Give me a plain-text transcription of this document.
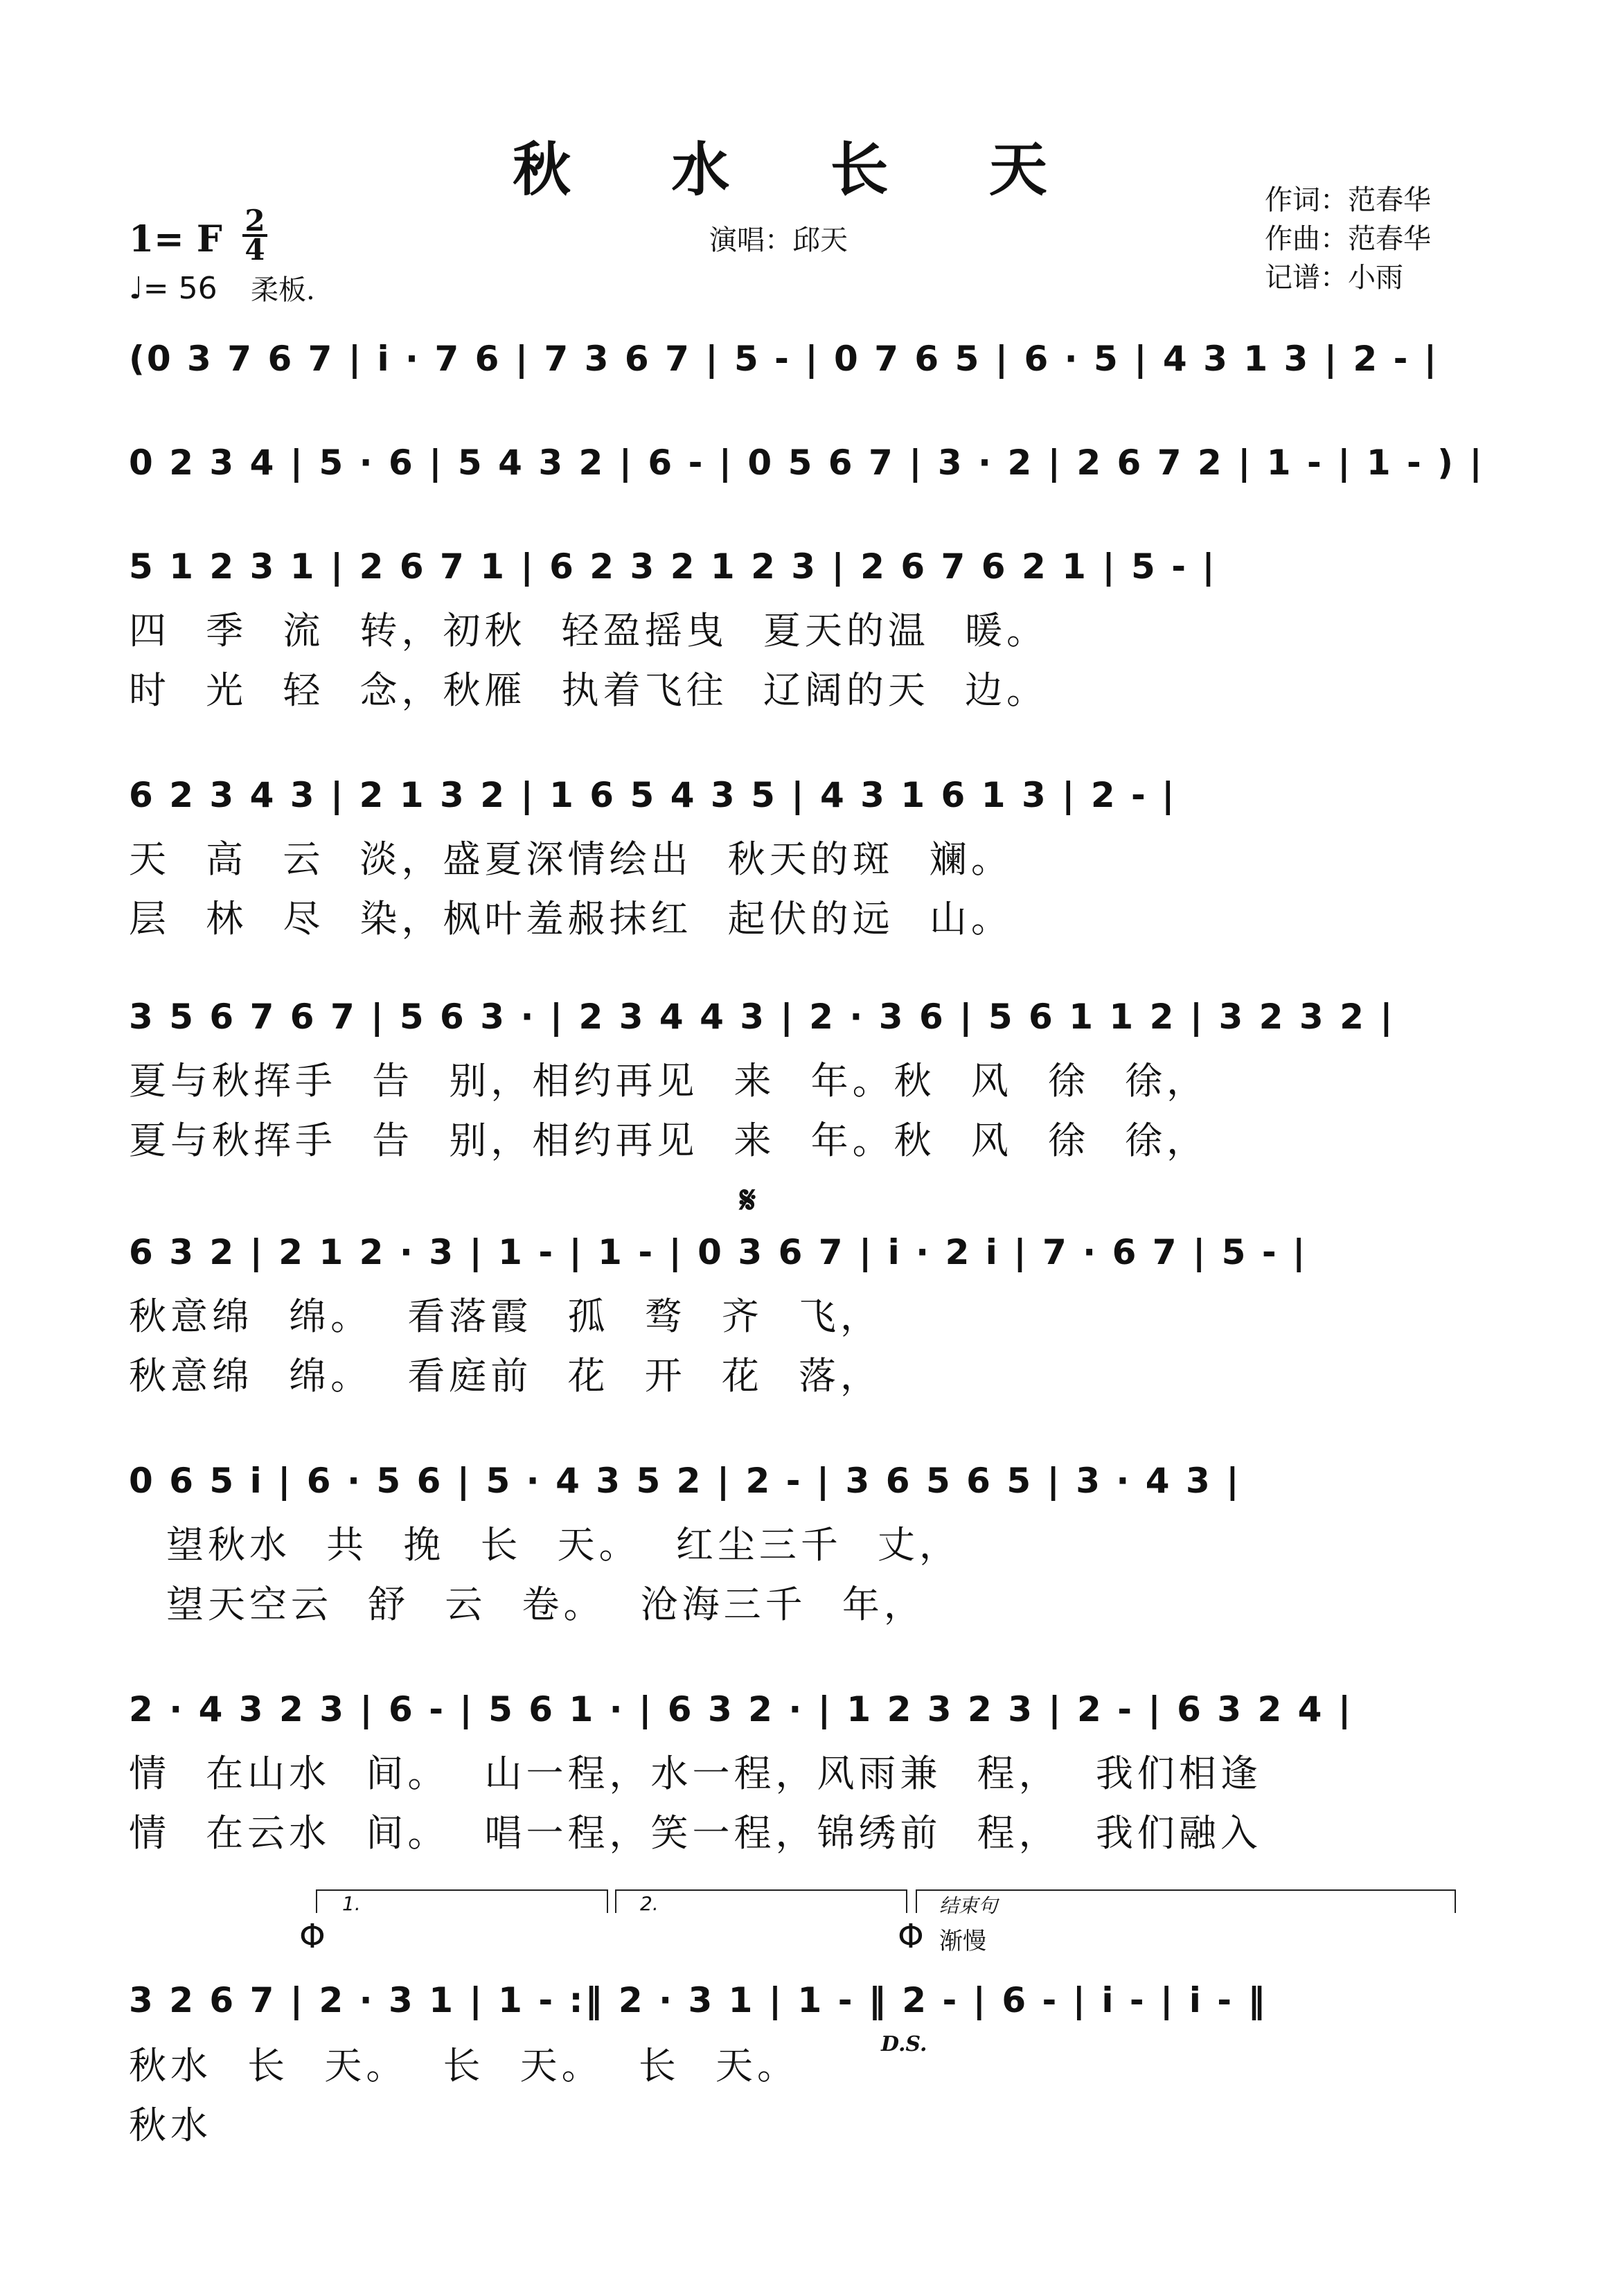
秋 水 长 天
1= F 2
4
♩= 56 柔板.
演唱：邱天
作词：范春华
作曲：范春华
记谱：小雨
(0 3 7 6 7 | i · 7 6 | 7 3 6 7 | 5 - | 0 7 6 5 | 6 · 5 | 4 3 1 3 | 2 - |
0 2 3 4 | 5 · 6 | 5 4 3 2 | 6 - | 0 5 6 7 | 3 · 2 | 2 6 7 2 | 1 - | 1 - ) |
5 1 2 3 1 | 2 6 7 1 | 6 2 3 2 1 2 3 | 2 6 7 6 2 1 | 5 - |
四 季 流 转，初秋 轻盈摇曳 夏天的温 暖。
时 光 轻 念，秋雁 执着飞往 辽阔的天 边。
6 2 3 4 3 | 2 1 3 2 | 1 6 5 4 3 5 | 4 3 1 6 1 3 | 2 - |
天 高 云 淡，盛夏深情绘出 秋天的斑 斓。
层 林 尽 染，枫叶羞赧抹红 起伏的远 山。
3 5 6 7 6 7 | 5 6 3 · | 2 3 4 4 3 | 2 · 3 6 | 5 6 1 1 2 | 3 2 3 2 |
夏与秋挥手 告 别，相约再见 来 年。秋 风 徐 徐，
夏与秋挥手 告 别，相约再见 来 年。秋 风 徐 徐，
𝄋
6 3 2 | 2 1 2 · 3 | 1 - | 1 - | 0 3 6 7 | i · 2 i | 7 · 6 7 | 5 - |
秋意绵 绵。 看落霞 孤 骛 齐 飞，
秋意绵 绵。 看庭前 花 开 花 落，
0 6 5 i | 6 · 5 6 | 5 · 4 3 5 2 | 2 - | 3 6 5 6 5 | 3 · 4 3 |
望秋水 共 挽 长 天。 红尘三千 丈，
望天空云 舒 云 卷。 沧海三千 年，
2 · 4 3 2 3 | 6 - | 5 6 1 · | 6 3 2 · | 1 2 3 2 3 | 2 - | 6 3 2 4 |
情 在山水 间。 山一程，水一程，风雨兼 程， 我们相逢
情 在云水 间。 唱一程，笑一程，锦绣前 程， 我们融入
1.	2.	结束句
Φ	Φ 渐慢
3 2 6 7 | 2 · 3 1 | 1 - :‖ 2 · 3 1 | 1 - ‖ 2 - | 6 - | i - | i - ‖
D.S.
秋水 长 天。 长 天。 长 天。
秋水
